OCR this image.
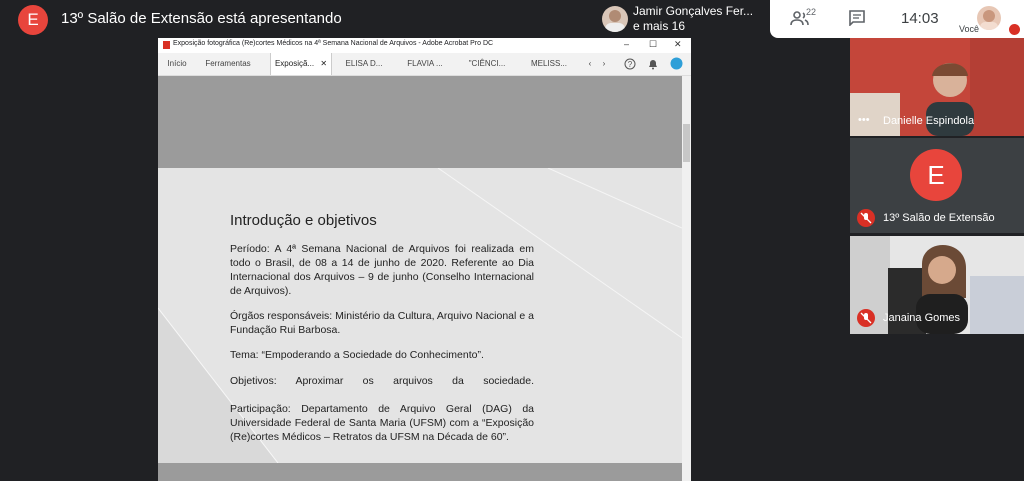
E	13º Salão de Extensão está apresentando	Jamir Gonçalves Fer...
e mais 16
22	14:03
Você
Exposição fotográfica (Re)cortes Médicos na 4ª Semana Nacional de Arquivos - Adobe Acrobat Pro DC	– ☐ ✕
Início	Ferramentas	Exposiçã... ✕	ELISA D...	FLAVIA ...	"CIÊNCI...	MELISS...	‹	›	?
Introdução e objetivos
Período: A 4ª Semana Nacional de Arquivos foi realizada em todo o Brasil, de 08 a 14 de junho de 2020. Referente ao Dia Internacional dos Arquivos – 9 de junho (Conselho Internacional de Arquivos).
Órgãos responsáveis: Ministério da Cultura, Arquivo Nacional e a Fundação Rui Barbosa.
Tema: “Empoderando a Sociedade do Conhecimento”.
Objetivos: Aproximar os arquivos da sociedade.
Participação: Departamento de Arquivo Geral (DAG) da Universidade Federal de Santa Maria (UFSM) com a “Exposição (Re)cortes Médicos – Retratos da UFSM na Década de 60”.
••• Danielle Espindola
E
13º Salão de Extensão
Janaina Gomes
